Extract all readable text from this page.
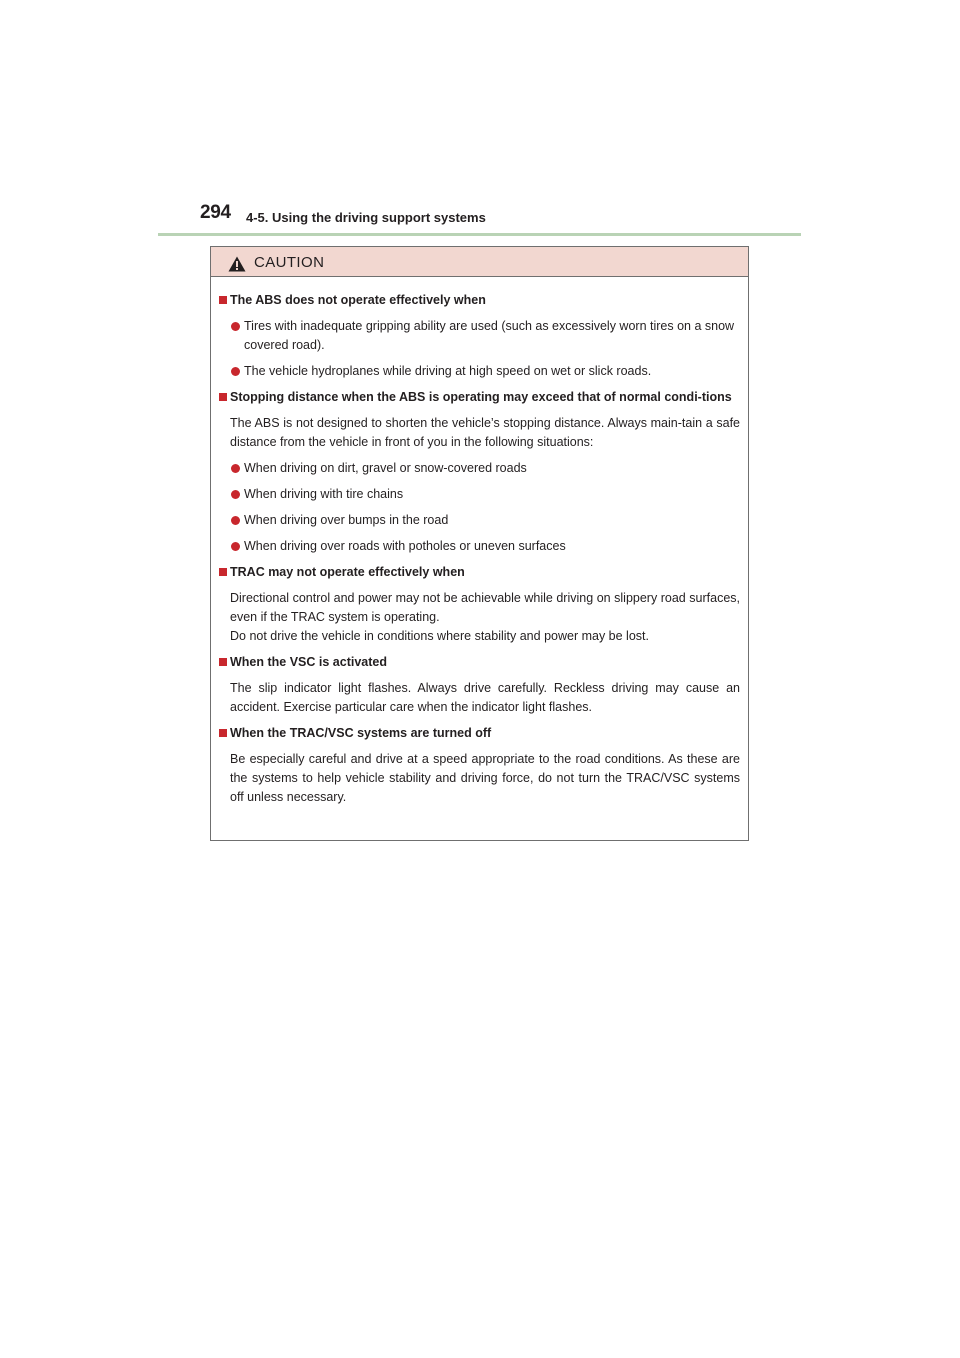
294 4-5. Using the driving support systems
CAUTION
The ABS does not operate effectively when
Tires with inadequate gripping ability are used (such as excessively worn tires on a snow covered road).
The vehicle hydroplanes while driving at high speed on wet or slick roads.
Stopping distance when the ABS is operating may exceed that of normal condi-tions
The ABS is not designed to shorten the vehicle’s stopping distance. Always main-tain a safe distance from the vehicle in front of you in the following situations:
When driving on dirt, gravel or snow-covered roads
When driving with tire chains
When driving over bumps in the road
When driving over roads with potholes or uneven surfaces
TRAC may not operate effectively when
Directional control and power may not be achievable while driving on slippery road surfaces, even if the TRAC system is operating.
Do not drive the vehicle in conditions where stability and power may be lost.
When the VSC is activated
The slip indicator light flashes. Always drive carefully. Reckless driving may cause an accident. Exercise particular care when the indicator light flashes.
When the TRAC/VSC systems are turned off
Be especially careful and drive at a speed appropriate to the road conditions. As these are the systems to help vehicle stability and driving force, do not turn the TRAC/VSC systems off unless necessary.
